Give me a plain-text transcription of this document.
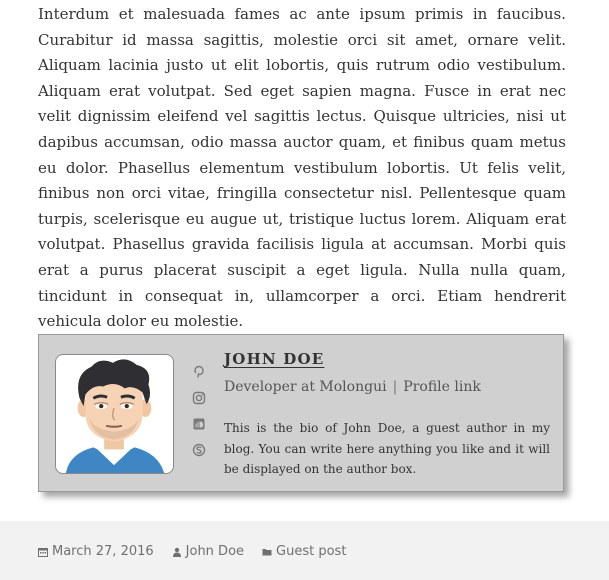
Interdum et malesuada fames ac ante ipsum primis in faucibus. Curabitur id massa sagittis, molestie orci sit amet, ornare velit. Aliquam lacinia justo ut elit lobortis, quis rutrum odio vestibulum. Aliquam erat volutpat. Sed eget sapien magna. Fusce in erat nec velit dignissim eleifend vel sagittis lectus. Quisque ultricies, nisi ut dapibus accumsan, odio massa auctor quam, et finibus quam metus eu dolor. Phasellus elementum vestibulum lobortis. Ut felis velit, finibus non orci vitae, fringilla consectetur nisl. Pellentesque quam turpis, scelerisque eu augue ut, tristique luctus lorem. Aliquam erat volutpat. Phasellus gravida facilisis ligula at accumsan. Morbi quis erat a purus placerat suscipit a eget ligula. Nulla nulla quam, tincidunt in consequat in, ullamcorper a orci. Etiam hendrerit vehicula dolor eu molestie.
JOHN DOE
Developer at Molongui | Profile link
This is the bio of John Doe, a guest author in my blog. You can write here anything you like and it will be displayed on the author box.
March 27, 2016 John Doe Guest post
